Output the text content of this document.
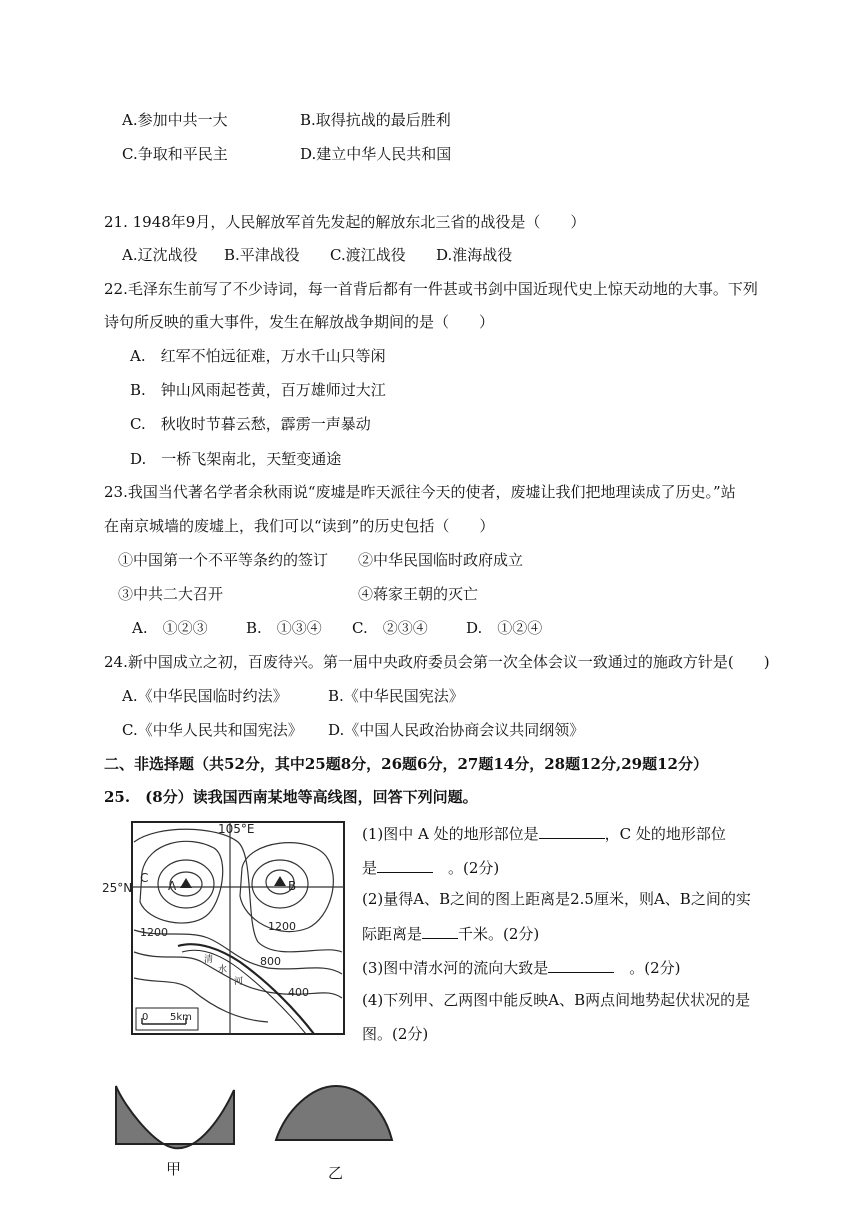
A.参加中共一大	B.取得抗战的最后胜利
C.争取和平民主	D.建立中华人民共和国
21. 1948年9月，人民解放军首先发起的解放东北三省的战役是（　　）
A.辽沈战役 B.平津战役 C.渡江战役 D.淮海战役
22.毛泽东生前写了不少诗词，每一首背后都有一件甚或书剑中国近现代史上惊天动地的大事。下列
诗句所反映的重大事件，发生在解放战争期间的是（　　）
A.　红军不怕远征难，万水千山只等闲
B.　钟山风雨起苍黄，百万雄师过大江
C.　秋收时节暮云愁，霹雳一声暴动
D.　一桥飞架南北，天堑变通途
23.我国当代著名学者余秋雨说“废墟是昨天派往今天的使者，废墟让我们把地理读成了历史。”站
在南京城墙的废墟上，我们可以“读到”的历史包括（　　）
①中国第一个不平等条约的签订 ②中华民国临时政府成立
③中共二大召开	④蒋家王朝的灭亡
A.　①②③	B.　①③④ C.　②③④	D.　①②④
24.新中国成立之初，百废待兴。第一届中央政府委员会第一次全体会议一致通过的施政方针是(　　)
A.《中华民国临时约法》	B.《中华民国宪法》
C.《中华人民共和国宪法》 D.《中国人民政治协商会议共同纲领》
二、非选择题（共52分，其中25题8分，26题6分，27题14分，28题12分,29题12分）
25.　(8分）读我国西南某地等高线图，回答下列问题。
(1)图中 A 处的地形部位是	，C 处的地形部位
是　	。(2分)
(2)量得A、B之间的图上距离是2.5厘米，则A、B之间的实
际距离是 千米。(2分)
(3)图中清水河的流向大致是　	。(2分)
(4)下列甲、乙两图中能反映A、B两点间地势起伏状况的是
图。(2分)
105°E
25°N	A	B
C
1200	1200
800
400
清
水
河
0 5km
甲	乙
